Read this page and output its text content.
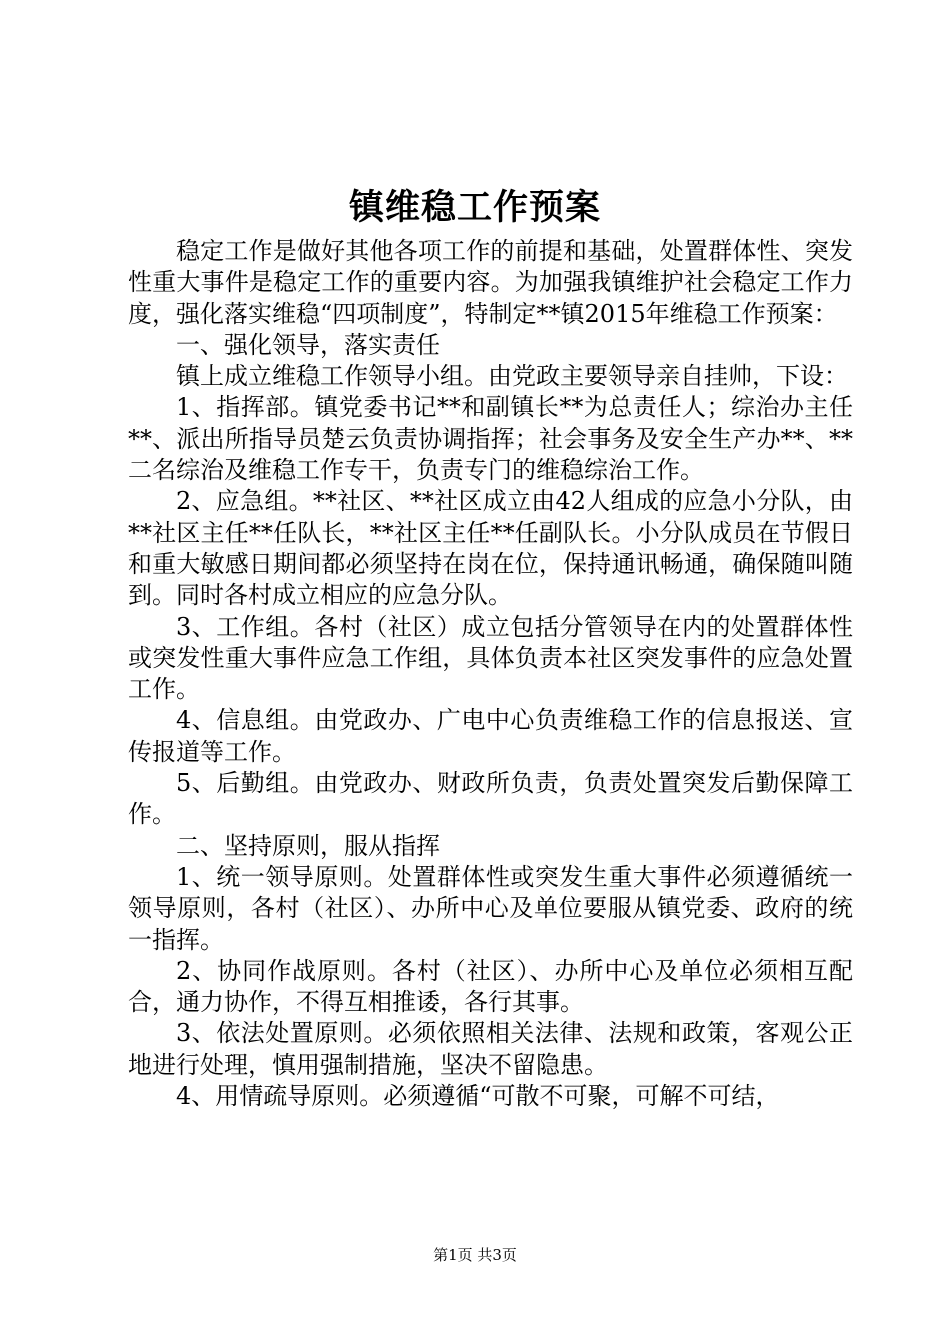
镇维稳工作预案

稳定工作是做好其他各项工作的前提和基础，处置群体性、突发性重大事件是稳定工作的重要内容。为加强我镇维护社会稳定工作力度，强化落实维稳“四项制度”，特制定**镇2015年维稳工作预案：

一、强化领导，落实责任

镇上成立维稳工作领导小组。由党政主要领导亲自挂帅，下设：

1、指挥部。镇党委书记**和副镇长**为总责任人；综治办主任**、派出所指导员楚云负责协调指挥；社会事务及安全生产办**、**二名综治及维稳工作专干，负责专门的维稳综治工作。

2、应急组。**社区、**社区成立由42人组成的应急小分队，由**社区主任**任队长，**社区主任**任副队长。小分队成员在节假日和重大敏感日期间都必须坚持在岗在位，保持通讯畅通，确保随叫随到。同时各村成立相应的应急分队。

3、工作组。各村（社区）成立包括分管领导在内的处置群体性或突发性重大事件应急工作组，具体负责本社区突发事件的应急处置工作。

4、信息组。由党政办、广电中心负责维稳工作的信息报送、宣传报道等工作。

5、后勤组。由党政办、财政所负责，负责处置突发后勤保障工作。

二、坚持原则，服从指挥

1、统一领导原则。处置群体性或突发生重大事件必须遵循统一领导原则，各村（社区）、办所中心及单位要服从镇党委、政府的统一指挥。

2、协同作战原则。各村（社区）、办所中心及单位必须相互配合，通力协作，不得互相推诿，各行其事。

3、依法处置原则。必须依照相关法律、法规和政策，客观公正地进行处理，慎用强制措施，坚决不留隐患。

4、用情疏导原则。必须遵循“可散不可聚，可解不可结，

第1页 共3页
